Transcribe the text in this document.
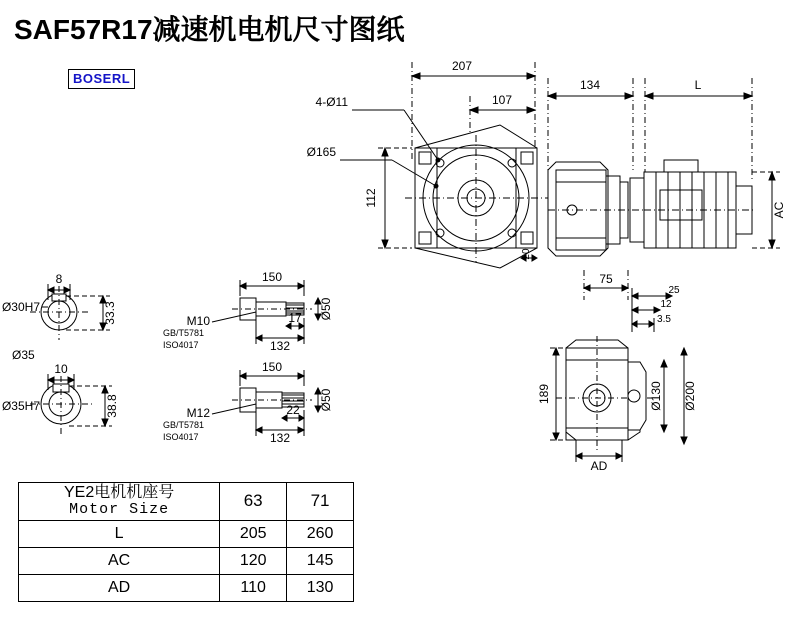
SAF57R17减速机电机尺寸图纸
BOSERL
207
107
134	L
4-Ø11
Ø165
112
20
AC
8
Ø30H7	33.3
Ø35
10
Ø35H7	38.8
150
M10
GB/T5781
ISO4017
17
132
Ø50
150
M12
GB/T5781
ISO4017
22
132
Ø50
75
25
12
3.5
189	Ø130 Ø200
AD
YE2电机机座号
Motor Size	63	71
L	205	260
AC	120	145
AD	110	130
